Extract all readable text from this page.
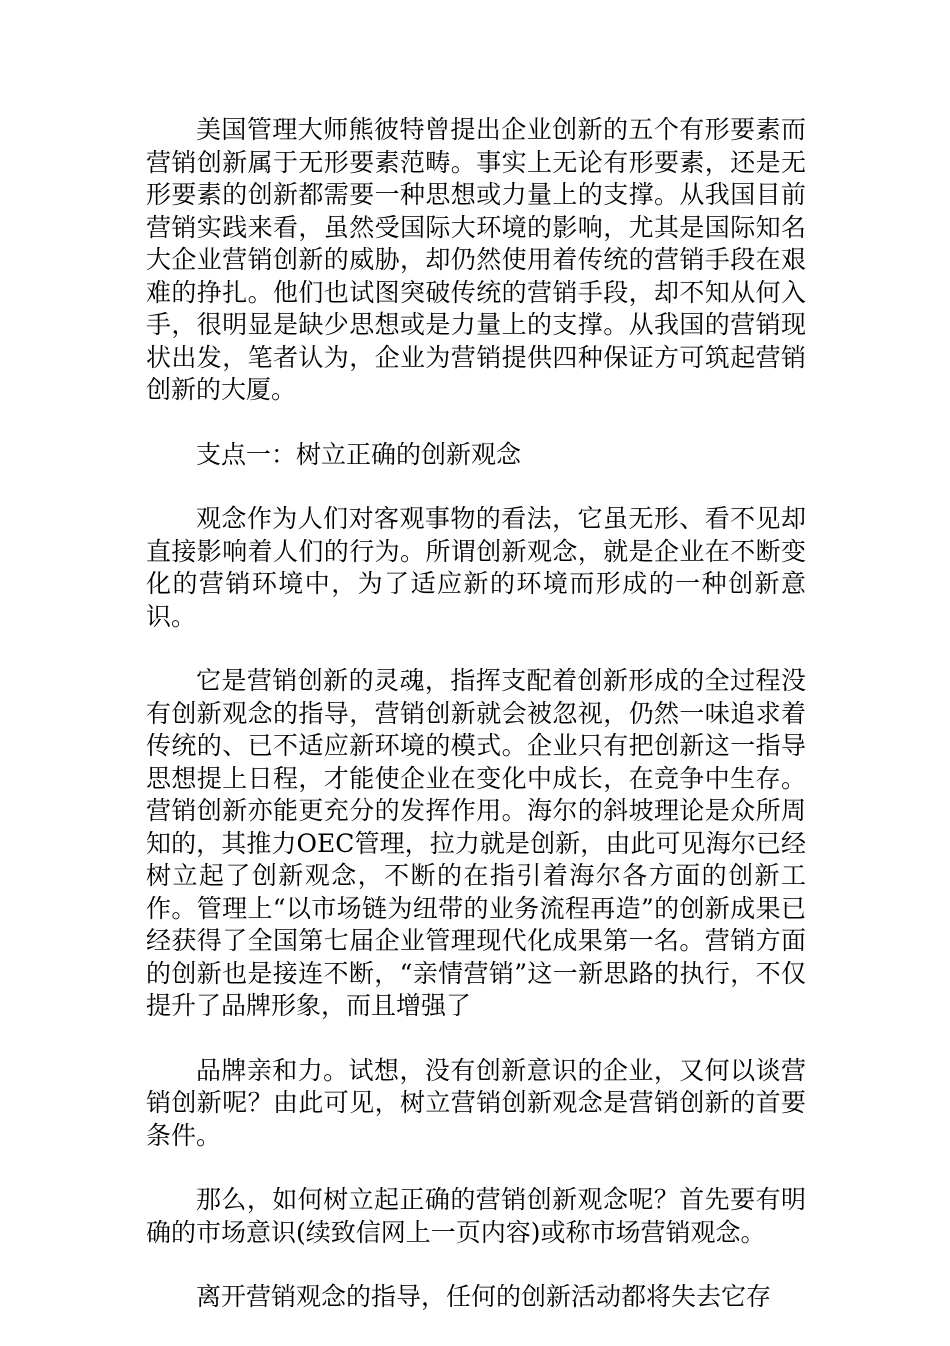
美国管理大师熊彼特曾提出企业创新的五个有形要素而营销创新属于无形要素范畴。事实上无论有形要素，还是无形要素的创新都需要一种思想或力量上的支撑。从我国目前营销实践来看，虽然受国际大环境的影响，尤其是国际知名大企业营销创新的威胁，却仍然使用着传统的营销手段在艰难的挣扎。他们也试图突破传统的营销手段，却不知从何入手，很明显是缺少思想或是力量上的支撑。从我国的营销现状出发，笔者认为，企业为营销提供四种保证方可筑起营销创新的大厦。

支点一：树立正确的创新观念

观念作为人们对客观事物的看法，它虽无形、看不见却直接影响着人们的行为。所谓创新观念，就是企业在不断变化的营销环境中，为了适应新的环境而形成的一种创新意识。

它是营销创新的灵魂，指挥支配着创新形成的全过程没有创新观念的指导，营销创新就会被忽视，仍然一味追求着传统的、已不适应新环境的模式。企业只有把创新这一指导思想提上日程，才能使企业在变化中成长，在竞争中生存。营销创新亦能更充分的发挥作用。海尔的斜坡理论是众所周知的，其推力OEC管理，拉力就是创新，由此可见海尔已经树立起了创新观念，不断的在指引着海尔各方面的创新工作。管理上“以市场链为纽带的业务流程再造”的创新成果已经获得了全国第七届企业管理现代化成果第一名。营销方面的创新也是接连不断，“亲情营销”这一新思路的执行，不仅提升了品牌形象，而且增强了

品牌亲和力。试想，没有创新意识的企业，又何以谈营销创新呢？由此可见，树立营销创新观念是营销创新的首要条件。

那么，如何树立起正确的营销创新观念呢？首先要有明确的市场意识(续致信网上一页内容)或称市场营销观念。

离开营销观念的指导，任何的创新活动都将失去它存
